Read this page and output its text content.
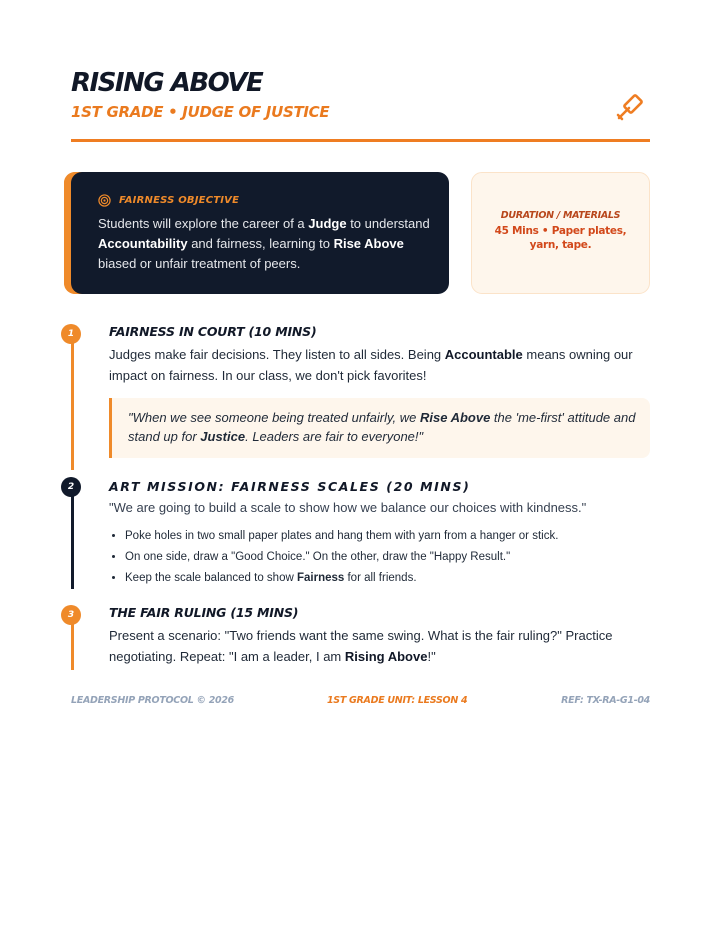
RISING ABOVE
1ST GRADE • JUDGE OF JUSTICE
FAIRNESS OBJECTIVE
Students will explore the career of a Judge to understand Accountability and fairness, learning to Rise Above biased or unfair treatment of peers.
DURATION / MATERIALS
45 Mins • Paper plates, yarn, tape.
1	FAIRNESS IN COURT (10 MINS)
Judges make fair decisions. They listen to all sides. Being Accountable means owning our impact on fairness. In our class, we don't pick favorites!
"When we see someone being treated unfairly, we Rise Above the 'me-first' attitude and stand up for Justice. Leaders are fair to everyone!"
2	ART MISSION: FAIRNESS SCALES (20 MINS)
"We are going to build a scale to show how we balance our choices with kindness."
• Poke holes in two small paper plates and hang them with yarn from a hanger or stick.
• On one side, draw a "Good Choice." On the other, draw the "Happy Result."
• Keep the scale balanced to show Fairness for all friends.
3	THE FAIR RULING (15 MINS)
Present a scenario: "Two friends want the same swing. What is the fair ruling?" Practice negotiating. Repeat: "I am a leader, I am Rising Above!"
LEADERSHIP PROTOCOL © 2026	1ST GRADE UNIT: LESSON 4	REF: TX-RA-G1-04
